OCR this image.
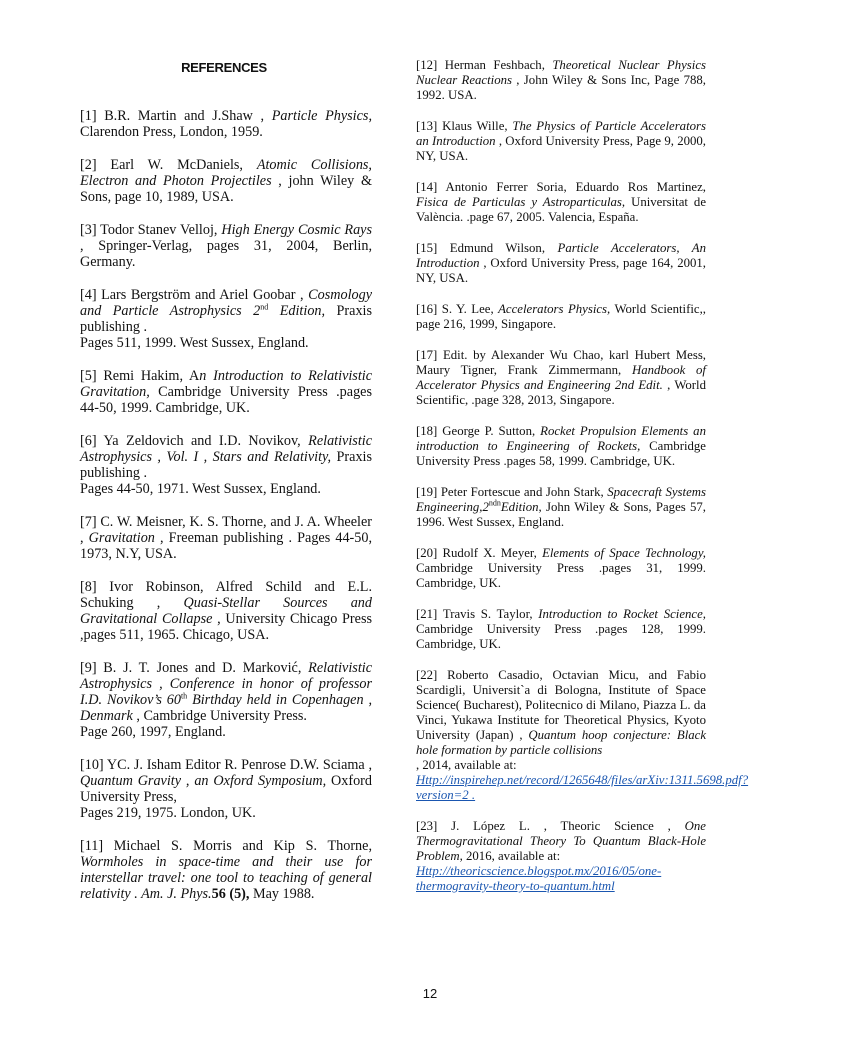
REFERENCES

[1] B.R. Martin and J.Shaw , Particle Physics, Clarendon Press, London, 1959.

[2] Earl W. McDaniels, Atomic Collisions, Electron and Photon Projectiles , john Wiley & Sons, page 10, 1989, USA.

[3] Todor Stanev Velloj, High Energy Cosmic Rays , Springer-Verlag, pages 31, 2004, Berlin, Germany.

[4] Lars Bergström and Ariel Goobar , Cosmology and Particle Astrophysics 2nd Edition, Praxis publishing .
Pages 511, 1999. West Sussex, England.

[5] Remi Hakim, An Introduction to Relativistic Gravitation, Cambridge University Press .pages 44-50, 1999. Cambridge, UK.

[6] Ya Zeldovich and I.D. Novikov, Relativistic Astrophysics , Vol. I , Stars and Relativity, Praxis publishing .
Pages 44-50, 1971. West Sussex, England.

[7] C. W. Meisner, K. S. Thorne, and J. A. Wheeler , Gravitation , Freeman publishing . Pages 44-50, 1973, N.Y, USA.

[8] Ivor Robinson, Alfred Schild and E.L. Schuking , Quasi-Stellar Sources and Gravitational Collapse , University Chicago Press ,pages 511, 1965. Chicago, USA.

[9] B. J. T. Jones and D. Marković, Relativistic Astrophysics , Conference in honor of professor I.D. Novikov’s 60th Birthday held in Copenhagen , Denmark , Cambridge University Press.
Page 260, 1997, England.

[10] YC. J. Isham Editor R. Penrose D.W. Sciama , Quantum Gravity , an Oxford Symposium, Oxford University Press,
Pages 219, 1975. London, UK.

[11] Michael S. Morris and Kip S. Thorne, Wormholes in space-time and their use for interstellar travel: one tool to teaching of general relativity . Am. J. Phys.56 (5), May 1988.

[12] Herman Feshbach, Theoretical Nuclear Physics Nuclear Reactions , John Wiley & Sons Inc, Page 788, 1992. USA.

[13] Klaus Wille, The Physics of Particle Accelerators an Introduction , Oxford University Press, Page 9, 2000, NY, USA.

[14] Antonio Ferrer Soria, Eduardo Ros Martinez, Fisica de Particulas y Astroparticulas, Universitat de València. .page 67, 2005. Valencia, España.

[15] Edmund Wilson, Particle Accelerators, An Introduction , Oxford University Press, page 164, 2001, NY, USA.

[16] S. Y. Lee, Accelerators Physics, World Scientific,, page 216, 1999, Singapore.

[17] Edit. by Alexander Wu Chao, karl Hubert Mess, Maury Tigner, Frank Zimmermann, Handbook of Accelerator Physics and Engineering 2nd Edit. , World Scientific, .page 328, 2013, Singapore.

[18] George P. Sutton, Rocket Propulsion Elements an introduction to Engineering of Rockets, Cambridge University Press .pages 58, 1999. Cambridge, UK.

[19] Peter Fortescue and John Stark, Spacecraft Systems $Engineering,2^{ndn}Edition$, John Wiley & Sons, Pages 57, 1996. West Sussex, England.

[20] Rudolf X. Meyer, Elements of Space Technology, Cambridge University Press .pages 31, 1999. Cambridge, UK.

[21] Travis S. Taylor, Introduction to Rocket Science, Cambridge University Press .pages 128, 1999. Cambridge, UK.

[22] Roberto Casadio, Octavian Micu, and Fabio Scardigli, Universit`a di Bologna, Institute of Space Science( Bucharest), Politecnico di Milano, Piazza L. da Vinci, Yukawa Institute for Theoretical Physics, Kyoto University (Japan) , Quantum hoop conjecture: Black hole formation by particle collisions
, 2014, available at:
Http://inspirehep.net/record/1265648/files/arXiv:1311.5698.pdf?version=2 .

[23] J. López L. , Theoric Science , One Thermogravitational Theory To Quantum Black-Hole Problem, 2016, available at:
Http://theoricscience.blogspot.mx/2016/05/one-thermogravity-theory-to-quantum.html

12
